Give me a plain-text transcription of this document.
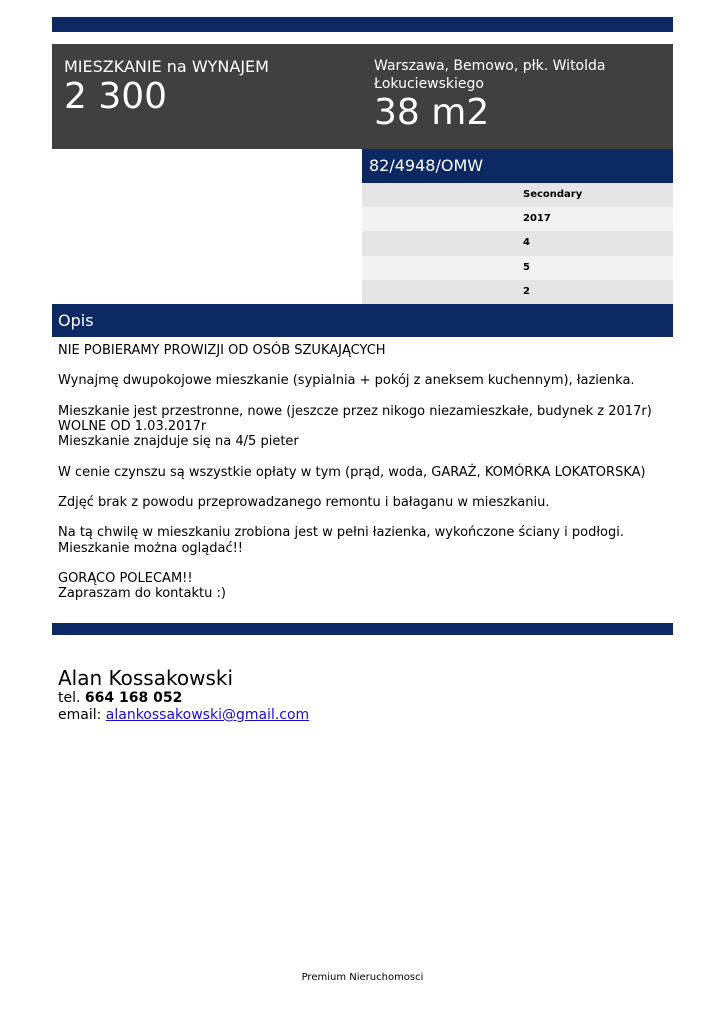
MIESZKANIE na WYNAJEM
2 300
Warszawa, Bemowo, płk. Witolda Łokuciewskiego
38 m2
82/4948/OMW
Secondary
2017
4
5
2
Opis
NIE POBIERAMY PROWIZJI OD OSÓB SZUKAJĄCYCH
Wynajmę dwupokojowe mieszkanie (sypialnia + pokój z aneksem kuchennym), łazienka.
Mieszkanie jest przestronne, nowe (jeszcze przez nikogo niezamieszkałe, budynek z 2017r) WOLNE OD 1.03.2017r
Mieszkanie znajduje się na 4/5 pieter
W cenie czynszu są wszystkie opłaty w tym (prąd, woda, GARAŻ, KOMÓRKA LOKATORSKA)
Zdjęć brak z powodu przeprowadzanego remontu i bałaganu w mieszkaniu.
Na tą chwilę w mieszkaniu zrobiona jest w pełni łazienka, wykończone ściany i podłogi.
Mieszkanie można oglądać!!
GORĄCO POLECAM!!
Zapraszam do kontaktu :)
Alan Kossakowski
tel. 664 168 052
email: alankossakowski@gmail.com
Premium Nieruchomosci
